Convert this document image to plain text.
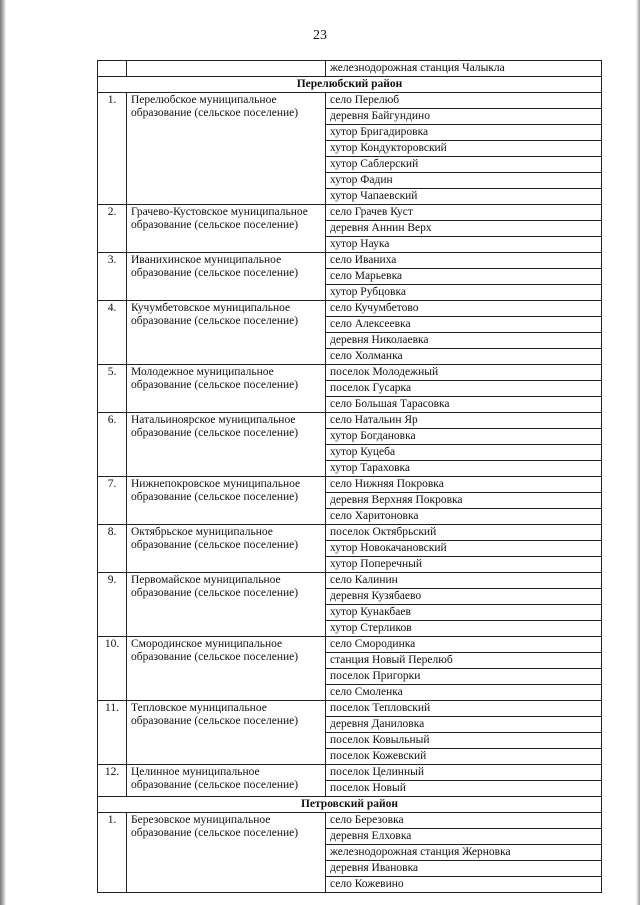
23
		железнодорожная станция Чалыкла
Перелюбский район		
1.	Перелюбское муниципальное образование (сельское поселение)	село Перелюб
		деревня Байгундино
		хутор Бригадировка
		хутор Кондукторовский
		хутор Саблерский
		хутор Фадин
		хутор Чапаевский
2.	Грачево-Кустовское муниципальное образование (сельское поселение)	село Грачев Куст
		деревня Аннин Верх
		хутор Наука
3.	Иванихинское муниципальное образование (сельское поселение)	село Иваниха
		село Марьевка
		хутор Рубцовка
4.	Кучумбетовское муниципальное образование (сельское поселение)	село Кучумбетово
		село Алексеевка
		деревня Николаевка
		село Холманка
5.	Молодежное муниципальное образование (сельское поселение)	поселок Молодежный
		поселок Гусарка
		село Большая Тарасовка
6.	Натальиноярское муниципальное образование (сельское поселение)	село Натальин Яр
		хутор Богдановка
		хутор Куцеба
		хутор Тараховка
7.	Нижнепокровское муниципальное образование (сельское поселение)	село Нижняя Покровка
		деревня Верхняя Покровка
		село Харитоновка
8.	Октябрьское муниципальное образование (сельское поселение)	поселок Октябрьский
		хутор Новокачановский
		хутор Поперечный
9.	Первомайское муниципальное образование (сельское поселение)	село Калинин
		деревня Кузябаево
		хутор Кунакбаев
		хутор Стерликов
10.	Смородинское муниципальное образование (сельское поселение)	село Смородинка
		станция Новый Перелюб
		поселок Пригорки
		село Смоленка
11.	Тепловское муниципальное образование (сельское поселение)	поселок Тепловский
		деревня Даниловка
		поселок Ковыльный
		поселок Кожевский
12.	Целинное муниципальное образование (сельское поселение)	поселок Целинный
		поселок Новый
Петровский район		
1.	Березовское муниципальное образование (сельское поселение)	село Березовка
		деревня Елховка
		железнодорожная станция Жерновка
		деревня Ивановка
		село Кожевино
